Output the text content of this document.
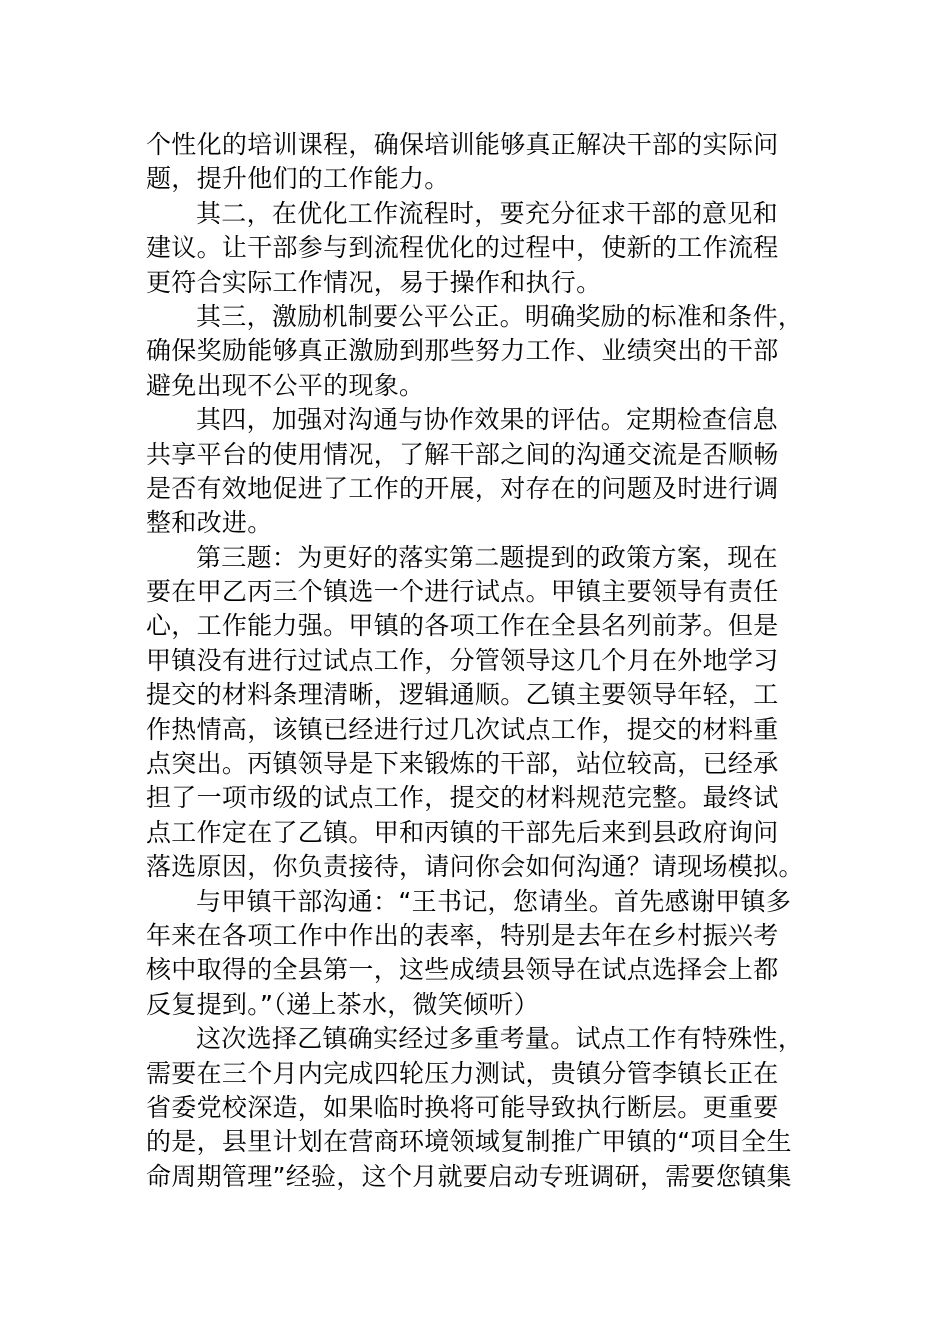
个性化的培训课程，确保培训能够真正解决干部的实际问
题，提升他们的工作能力。
其二，在优化工作流程时，要充分征求干部的意见和
建议。让干部参与到流程优化的过程中，使新的工作流程
更符合实际工作情况，易于操作和执行。
其三，激励机制要公平公正。明确奖励的标准和条件，
确保奖励能够真正激励到那些努力工作、业绩突出的干部
避免出现不公平的现象。
其四，加强对沟通与协作效果的评估。定期检查信息
共享平台的使用情况，了解干部之间的沟通交流是否顺畅
是否有效地促进了工作的开展，对存在的问题及时进行调
整和改进。
第三题：为更好的落实第二题提到的政策方案，现在
要在甲乙丙三个镇选一个进行试点。甲镇主要领导有责任
心，工作能力强。甲镇的各项工作在全县名列前茅。但是
甲镇没有进行过试点工作，分管领导这几个月在外地学习
提交的材料条理清晰，逻辑通顺。乙镇主要领导年轻，工
作热情高，该镇已经进行过几次试点工作，提交的材料重
点突出。丙镇领导是下来锻炼的干部，站位较高，已经承
担了一项市级的试点工作，提交的材料规范完整。最终试
点工作定在了乙镇。甲和丙镇的干部先后来到县政府询问
落选原因，你负责接待，请问你会如何沟通？请现场模拟。
与甲镇干部沟通：“王书记，您请坐。首先感谢甲镇多
年来在各项工作中作出的表率，特别是去年在乡村振兴考
核中取得的全县第一，这些成绩县领导在试点选择会上都
反复提到。”（递上茶水，微笑倾听）
这次选择乙镇确实经过多重考量。试点工作有特殊性，
需要在三个月内完成四轮压力测试，贵镇分管李镇长正在
省委党校深造，如果临时换将可能导致执行断层。更重要
的是，县里计划在营商环境领域复制推广甲镇的“项目全生
命周期管理”经验，这个月就要启动专班调研，需要您镇集
